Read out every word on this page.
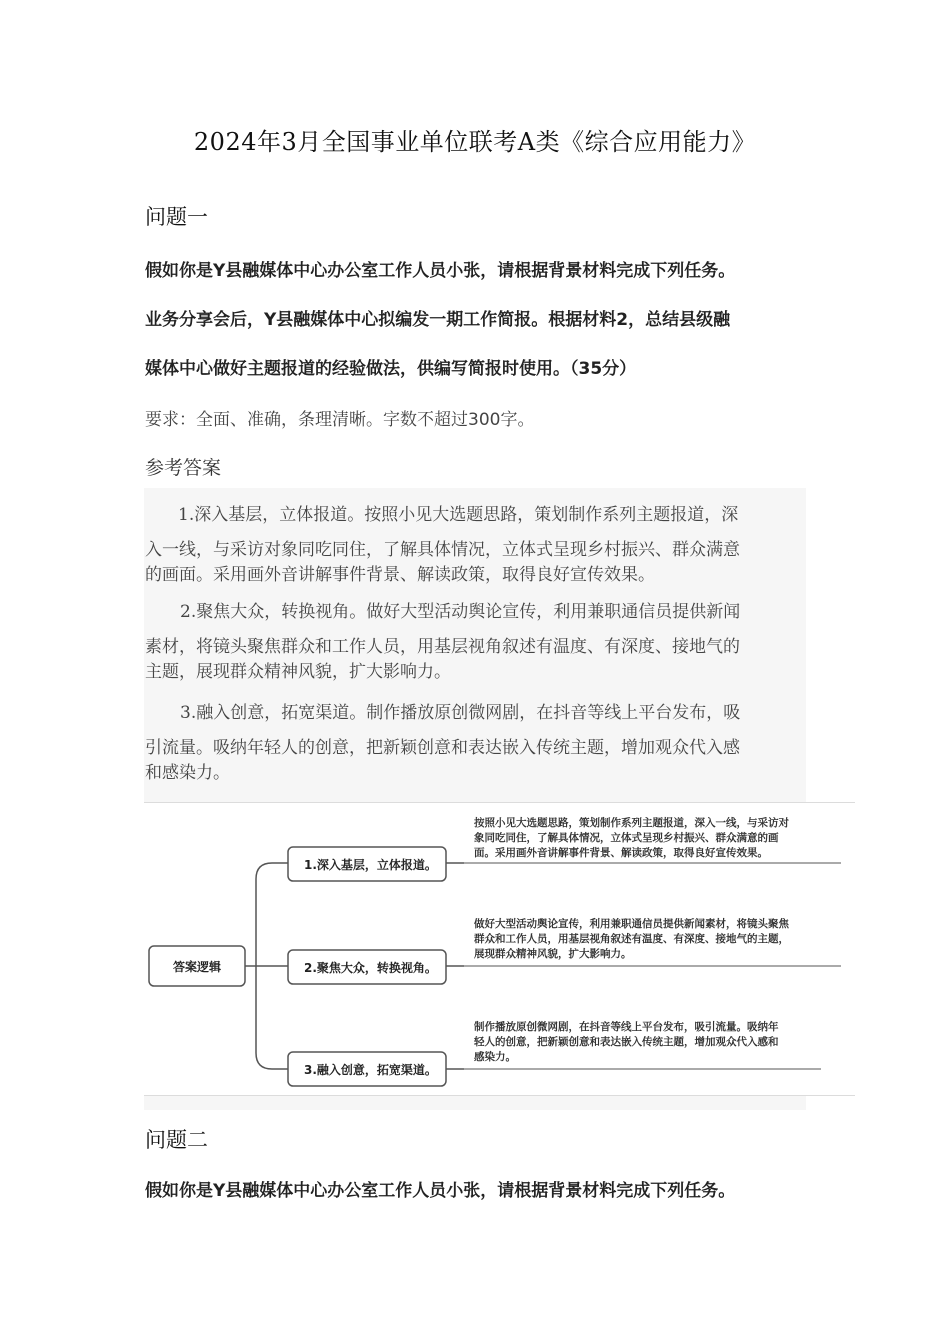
2024年3月全国事业单位联考A类《综合应用能力》
问题一
假如你是Y县融媒体中心办公室工作人员小张，请根据背景材料完成下列任务。
业务分享会后，Y县融媒体中心拟编发一期工作简报。根据材料2，总结县级融
媒体中心做好主题报道的经验做法，供编写简报时使用。（35分）
要求：全面、准确，条理清晰。字数不超过300字。
参考答案
1.深入基层，立体报道。按照小见大选题思路，策划制作系列主题报道，深
入一线，与采访对象同吃同住，了解具体情况，立体式呈现乡村振兴、群众满意
的画面。采用画外音讲解事件背景、解读政策，取得良好宣传效果。
2.聚焦大众，转换视角。做好大型活动舆论宣传，利用兼职通信员提供新闻
素材，将镜头聚焦群众和工作人员，用基层视角叙述有温度、有深度、接地气的
主题，展现群众精神风貌，扩大影响力。
3.融入创意，拓宽渠道。制作播放原创微网剧，在抖音等线上平台发布，吸
引流量。吸纳年轻人的创意，把新颖创意和表达嵌入传统主题，增加观众代入感
和感染力。
答案逻辑
1.深入基层，立体报道。
按照小见大选题思路，策划制作系列主题报道，深入一线，与采访对
象同吃同住，了解具体情况，立体式呈现乡村振兴、群众满意的画
面。采用画外音讲解事件背景、解读政策，取得良好宣传效果。
2.聚焦大众，转换视角。
做好大型活动舆论宣传，利用兼职通信员提供新闻素材，将镜头聚焦
群众和工作人员，用基层视角叙述有温度、有深度、接地气的主题，
展现群众精神风貌，扩大影响力。
3.融入创意，拓宽渠道。
制作播放原创微网剧，在抖音等线上平台发布，吸引流量。吸纳年
轻人的创意，把新颖创意和表达嵌入传统主题，增加观众代入感和
感染力。
问题二
假如你是Y县融媒体中心办公室工作人员小张，请根据背景材料完成下列任务。
